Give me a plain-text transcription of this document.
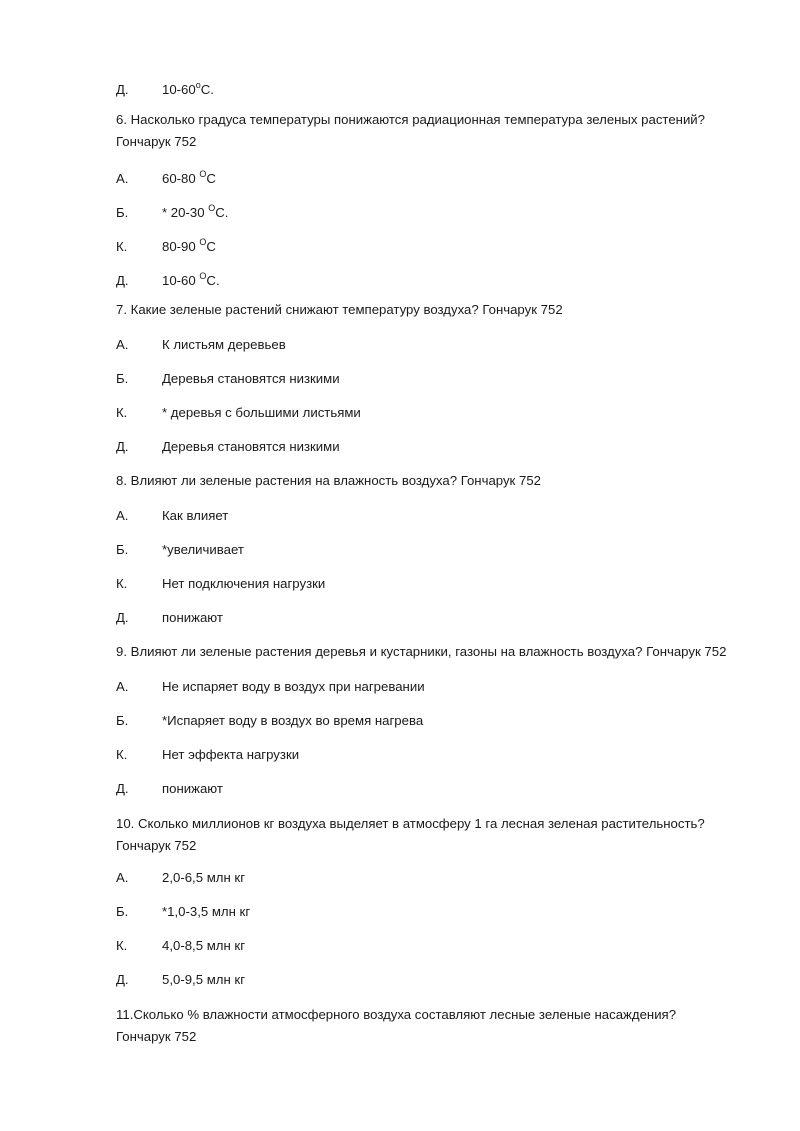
Д.	10-60$^o$C.
6. Насколько градуса температуры понижаются радиационная температура зеленых растений? Гончарук 752
А.	60-80 $^O$C
Б.	* 20-30 $^O$C.
К.	80-90 $^O$C
Д.	10-60 $^O$C.
7. Какие зеленые растений снижают температуру воздуха? Гончарук 752
А.	К листьям деревьев
Б.	Деревья становятся низкими
К.	* деревья с большими листьями
Д.	Деревья становятся низкими
8. Влияют ли зеленые растения на влажность воздуха? Гончарук 752
А.	Как влияет
Б.	*увеличивает
К.	Нет подключения нагрузки
Д.	понижают
9. Влияют ли зеленые растения деревья и кустарники, газоны на влажность воздуха? Гончарук 752
А.	Не испаряет воду в воздух при нагревании
Б.	*Испаряет воду в воздух во время нагрева
К.	Нет эффекта нагрузки
Д.	понижают
10. Сколько миллионов кг воздуха выделяет в атмосферу 1 га лесная зеленая растительность? Гончарук 752
А.	2,0-6,5 млн кг
Б.	*1,0-3,5 млн кг
К.	4,0-8,5 млн кг
Д.	5,0-9,5 млн кг
11.Сколько % влажности атмосферного воздуха составляют лесные зеленые насаждения? Гончарук 752
